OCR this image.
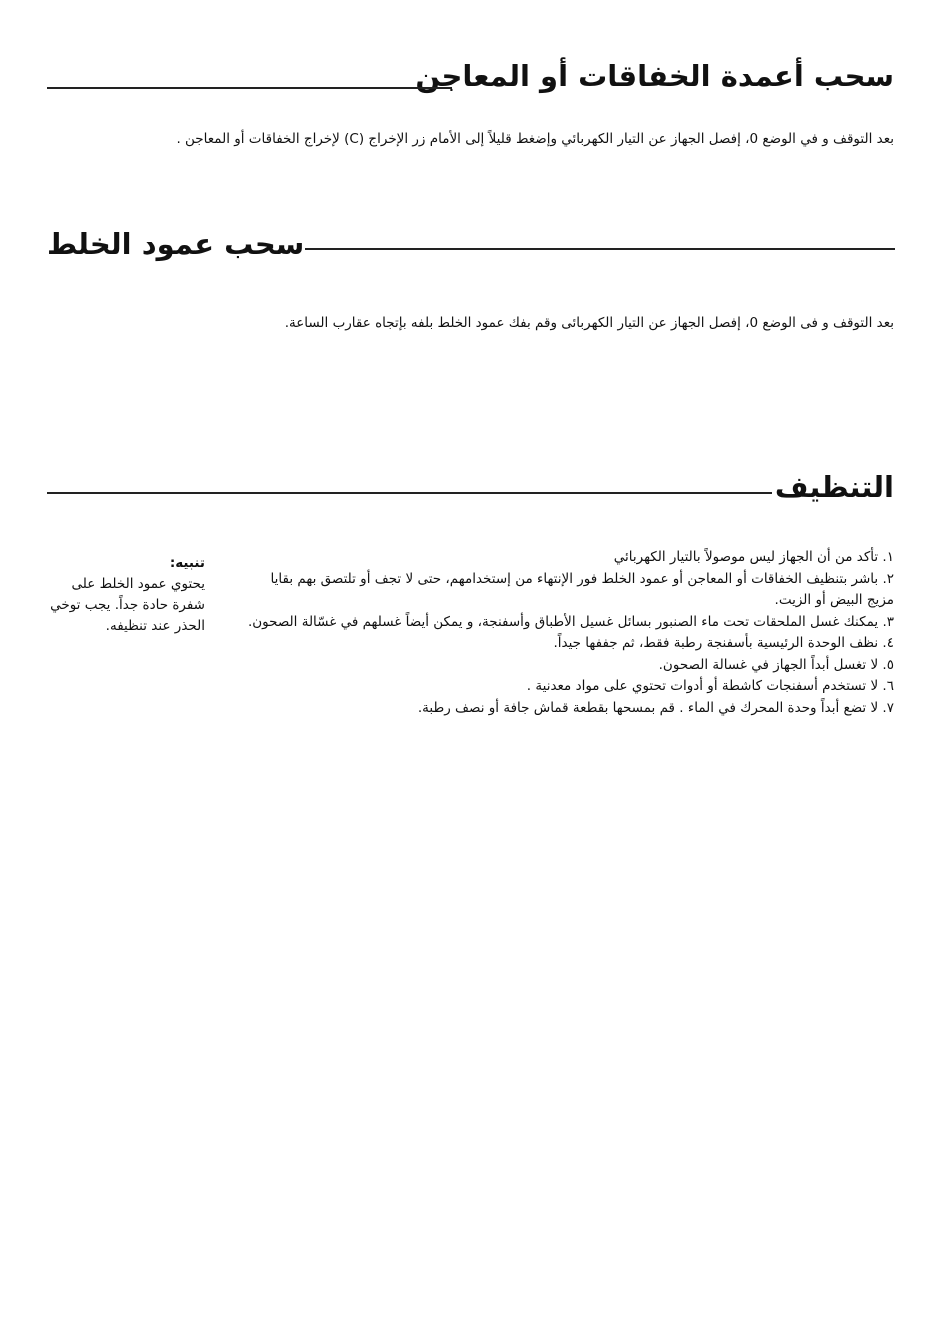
سحب أعمدة الخفاقات أو المعاجن

بعد التوقف و في الوضع 0، إفصل الجهاز عن التيار الكهربائي وإضغط قليلاً إلى الأمام زر الإخراج (C) لإخراج الخفاقات أو المعاجن .

سحب عمود الخلط

بعد التوقف و فى الوضع 0، إفصل الجهاز عن التيار الكهربائى وقم بفك عمود الخلط بلفه بإتجاه عقارب الساعة.

التنظيف
١. تأكد من أن الجهاز ليس موصولاً بالتيار الكهربائي
٢. باشر بتنظيف الخفاقات أو المعاجن أو عمود الخلط فور الإنتهاء من إستخدامهم، حتى لا تجف أو تلتصق بهم بقايا مزيج البيض أو الزيت.
٣. يمكنك غسل الملحقات تحت ماء الصنبور بسائل غسيل الأطباق وأسفنجة، و يمكن أيضاً غسلهم في غسّالة الصحون.
٤. نظف الوحدة الرئيسية بأسفنجة رطبة فقط، ثم جففها جيداً.
٥. لا تغسل أبداً الجهاز في غسالة الصحون.
٦. لا تستخدم أسفنجات كاشطة أو أدوات تحتوي على مواد معدنية .
٧. لا تضع أبداً وحدة المحرك في الماء . قم بمسحها بقطعة قماش جافة أو نصف رطبة.
تنبيه:
يحتوي عمود الخلط على شفرة حادة جداً. يجب توخي الحذر عند تنظيفه.
